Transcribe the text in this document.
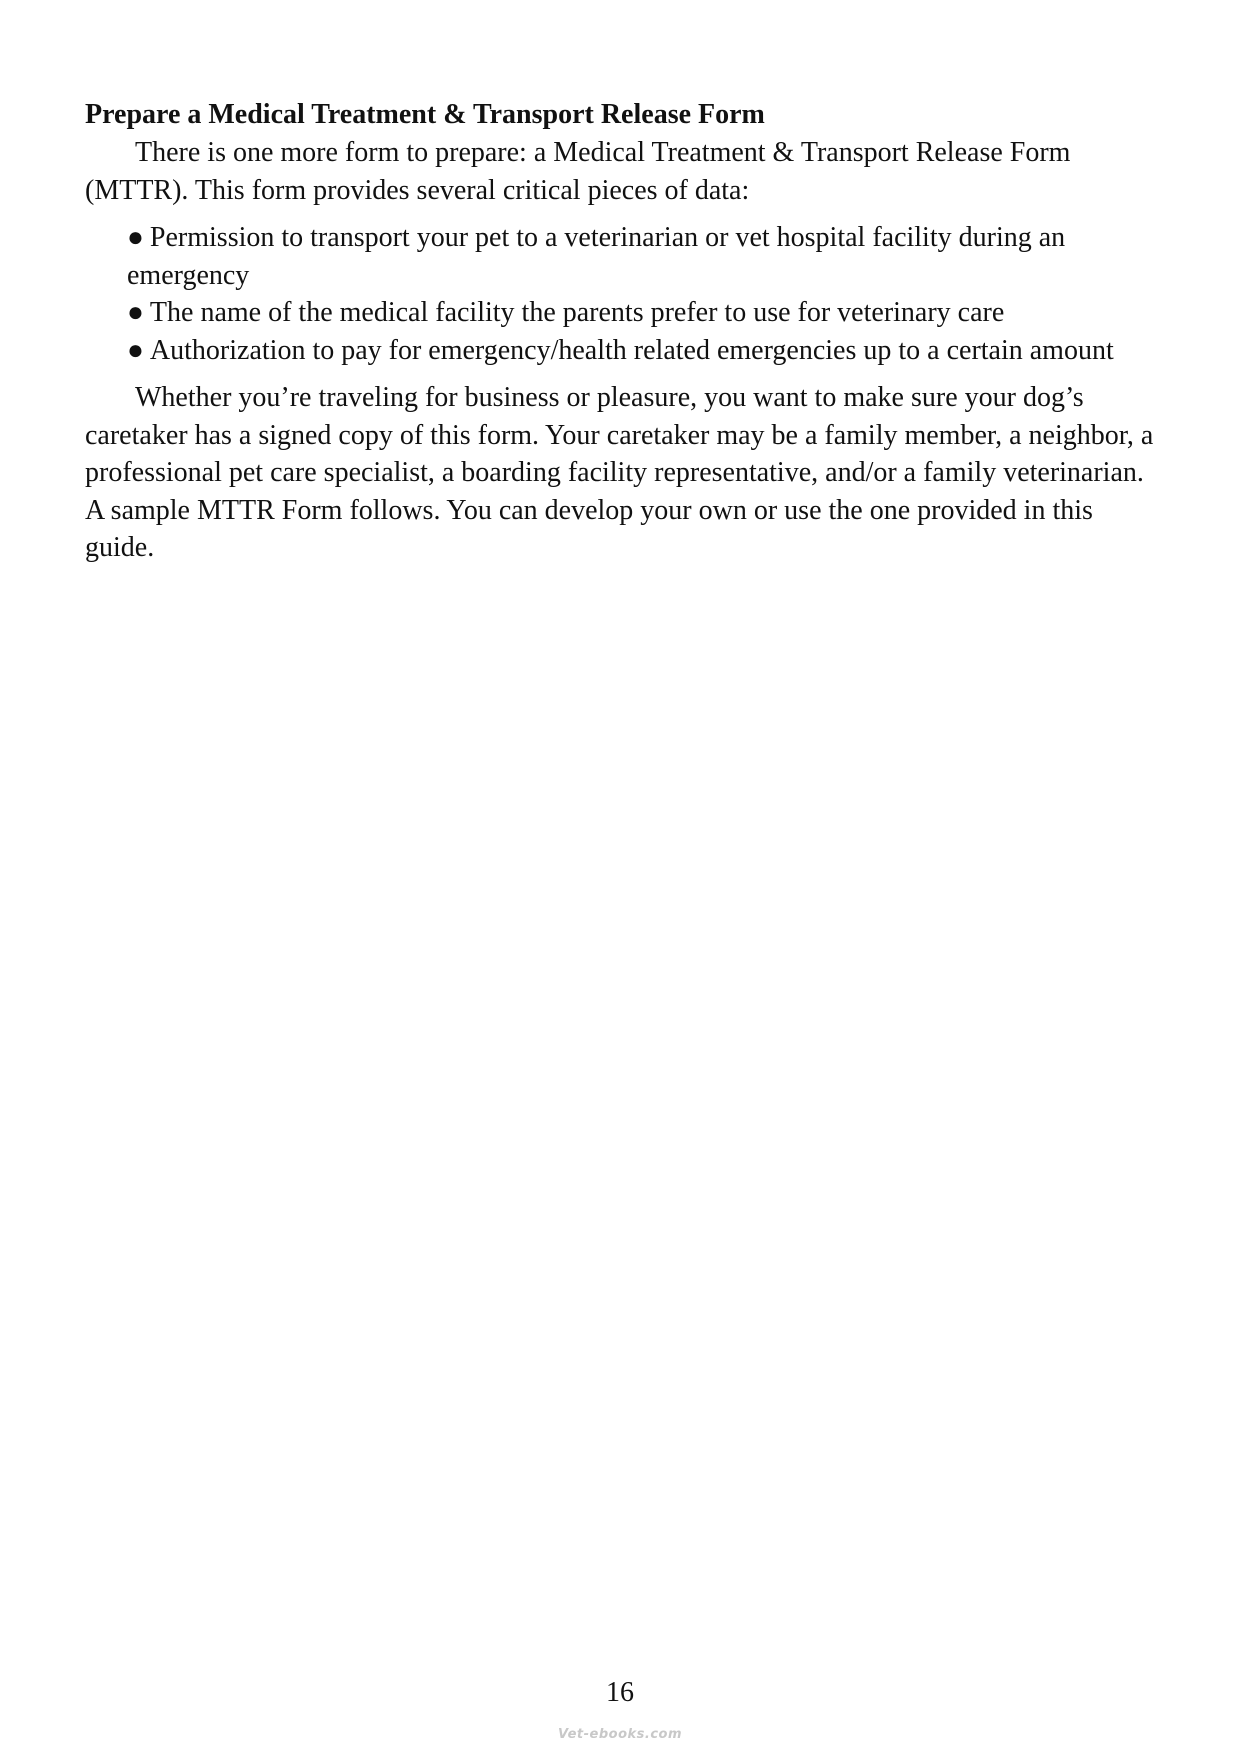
Prepare a Medical Treatment & Transport Release Form

There is one more form to prepare: a Medical Treatment & Transport Release Form (MTTR). This form provides several critical pieces of data:

● Permission to transport your pet to a veterinarian or vet hospital facility during an emergency
● The name of the medical facility the parents prefer to use for veterinary care
● Authorization to pay for emergency/health related emergencies up to a certain amount

Whether you’re traveling for business or pleasure, you want to make sure your dog’s caretaker has a signed copy of this form. Your caretaker may be a family member, a neighbor, a professional pet care specialist, a boarding facility representative, and/or a family veterinarian. A sample MTTR Form follows. You can develop your own or use the one provided in this guide.

16
Vet-ebooks.com
